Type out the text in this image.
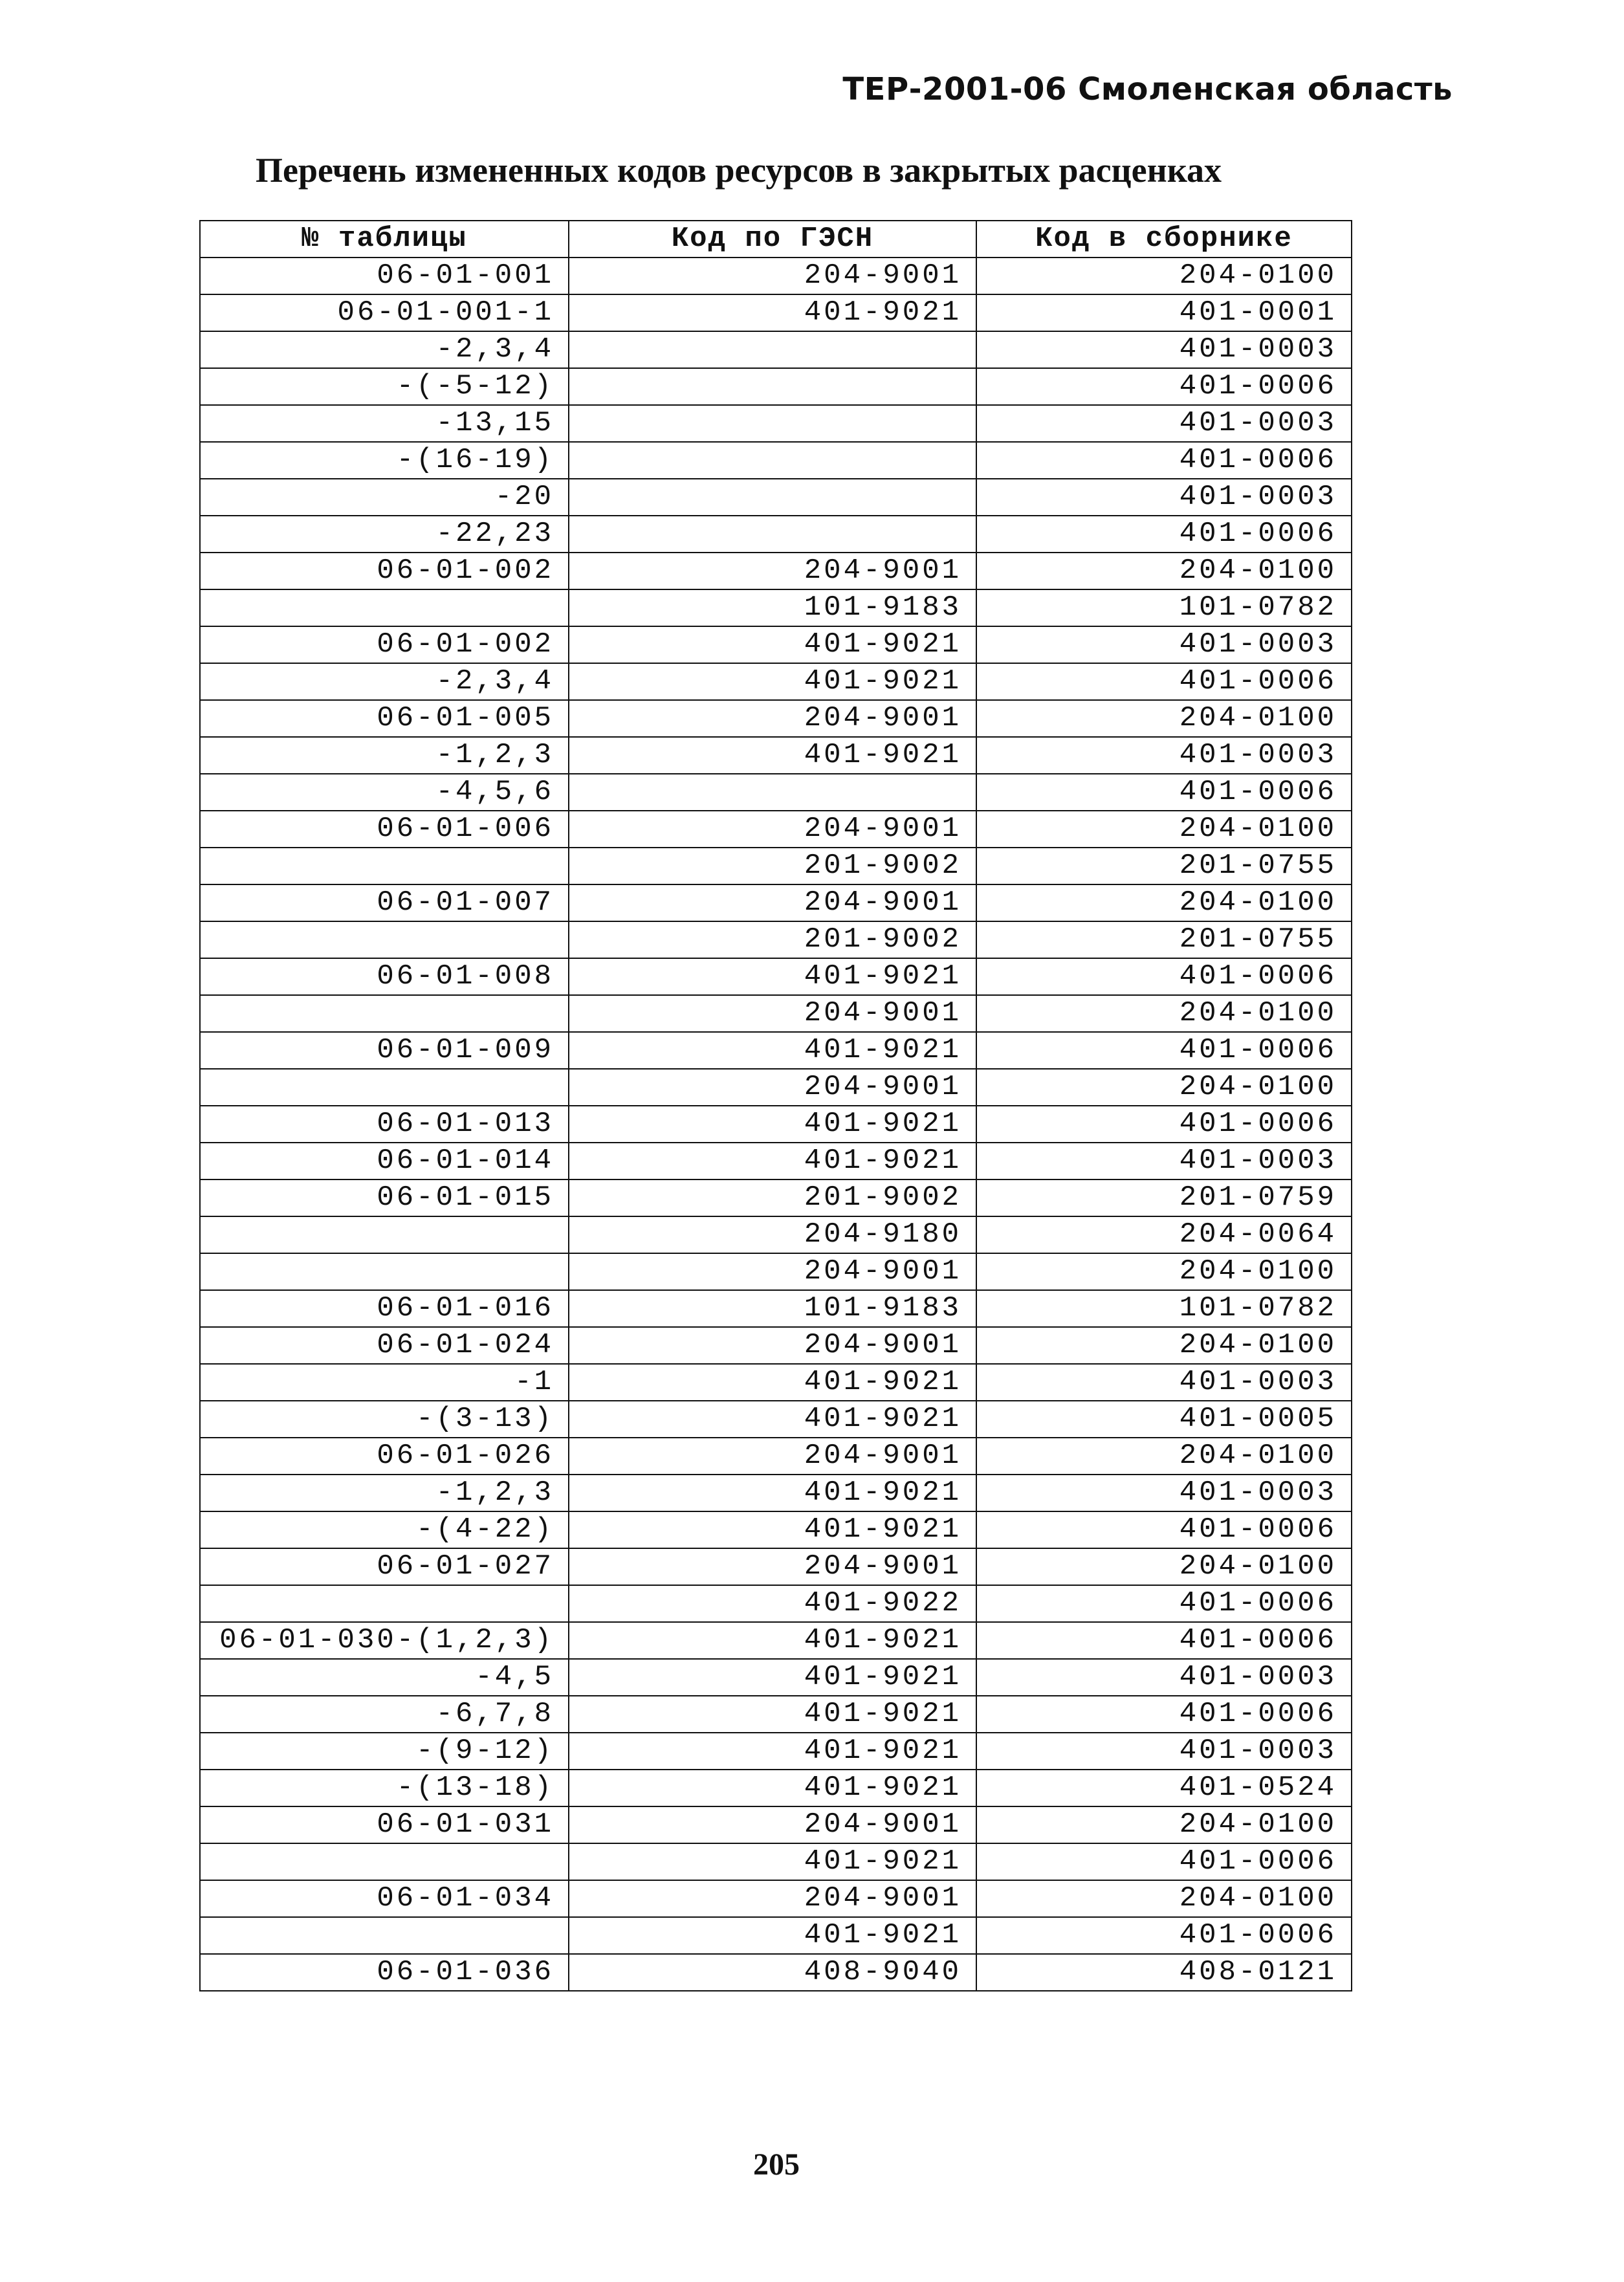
ТЕР-2001-06 Смоленская область
Перечень измененных кодов ресурсов в закрытых расценках
№ таблицы	Код по ГЭСН	Код в сборнике
06-01-001	204-9001	204-0100
06-01-001-1	401-9021	401-0001
-2,3,4		401-0003
-(-5-12)		401-0006
-13,15		401-0003
-(16-19)		401-0006
-20		401-0003
-22,23		401-0006
06-01-002	204-9001	204-0100
	101-9183	101-0782
06-01-002	401-9021	401-0003
-2,3,4	401-9021	401-0006
06-01-005	204-9001	204-0100
-1,2,3	401-9021	401-0003
-4,5,6		401-0006
06-01-006	204-9001	204-0100
	201-9002	201-0755
06-01-007	204-9001	204-0100
	201-9002	201-0755
06-01-008	401-9021	401-0006
	204-9001	204-0100
06-01-009	401-9021	401-0006
	204-9001	204-0100
06-01-013	401-9021	401-0006
06-01-014	401-9021	401-0003
06-01-015	201-9002	201-0759
	204-9180	204-0064
	204-9001	204-0100
06-01-016	101-9183	101-0782
06-01-024	204-9001	204-0100
-1	401-9021	401-0003
-(3-13)	401-9021	401-0005
06-01-026	204-9001	204-0100
-1,2,3	401-9021	401-0003
-(4-22)	401-9021	401-0006
06-01-027	204-9001	204-0100
	401-9022	401-0006
06-01-030-(1,2,3)	401-9021	401-0006
-4,5	401-9021	401-0003
-6,7,8	401-9021	401-0006
-(9-12)	401-9021	401-0003
-(13-18)	401-9021	401-0524
06-01-031	204-9001	204-0100
	401-9021	401-0006
06-01-034	204-9001	204-0100
	401-9021	401-0006
06-01-036	408-9040	408-0121
205
